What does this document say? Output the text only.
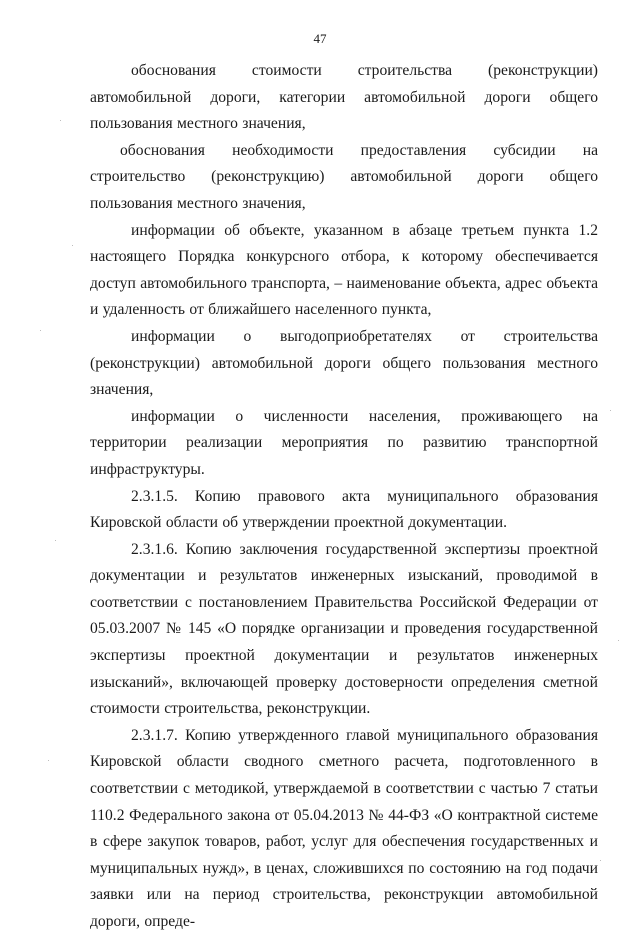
47

обоснования стоимости строительства (реконструкции) автомобильной дороги, категории автомобильной дороги общего пользования местного значения,

обоснования необходимости предоставления субсидии на строительство (реконструкцию) автомобильной дороги общего пользования местного значения,

информации об объекте, указанном в абзаце третьем пункта 1.2 настоящего Порядка конкурсного отбора, к которому обеспечивается доступ автомобильного транспорта, – наименование объекта, адрес объекта и удаленность от ближайшего населенного пункта,

информации о выгодоприобретателях от строительства (реконструкции) автомобильной дороги общего пользования местного значения,

информации о численности населения, проживающего на территории реализации мероприятия по развитию транспортной инфраструктуры.

2.3.1.5. Копию правового акта муниципального образования Кировской области об утверждении проектной документации.

2.3.1.6. Копию заключения государственной экспертизы проектной документации и результатов инженерных изысканий, проводимой в соответствии с постановлением Правительства Российской Федерации от 05.03.2007 № 145 «О порядке организации и проведения государственной экспертизы проектной документации и результатов инженерных изысканий», включающей проверку достоверности определения сметной стоимости строительства, реконструкции.

2.3.1.7. Копию утвержденного главой муниципального образования Кировской области сводного сметного расчета, подготовленного в соответствии с методикой, утверждаемой в соответствии с частью 7 статьи 110.2 Федерального закона от 05.04.2013 № 44-ФЗ «О контрактной системе в сфере закупок товаров, работ, услуг для обеспечения государственных и муниципальных нужд», в ценах, сложившихся по состоянию на год подачи заявки или на период строительства, реконструкции автомобильной дороги, опреде-
